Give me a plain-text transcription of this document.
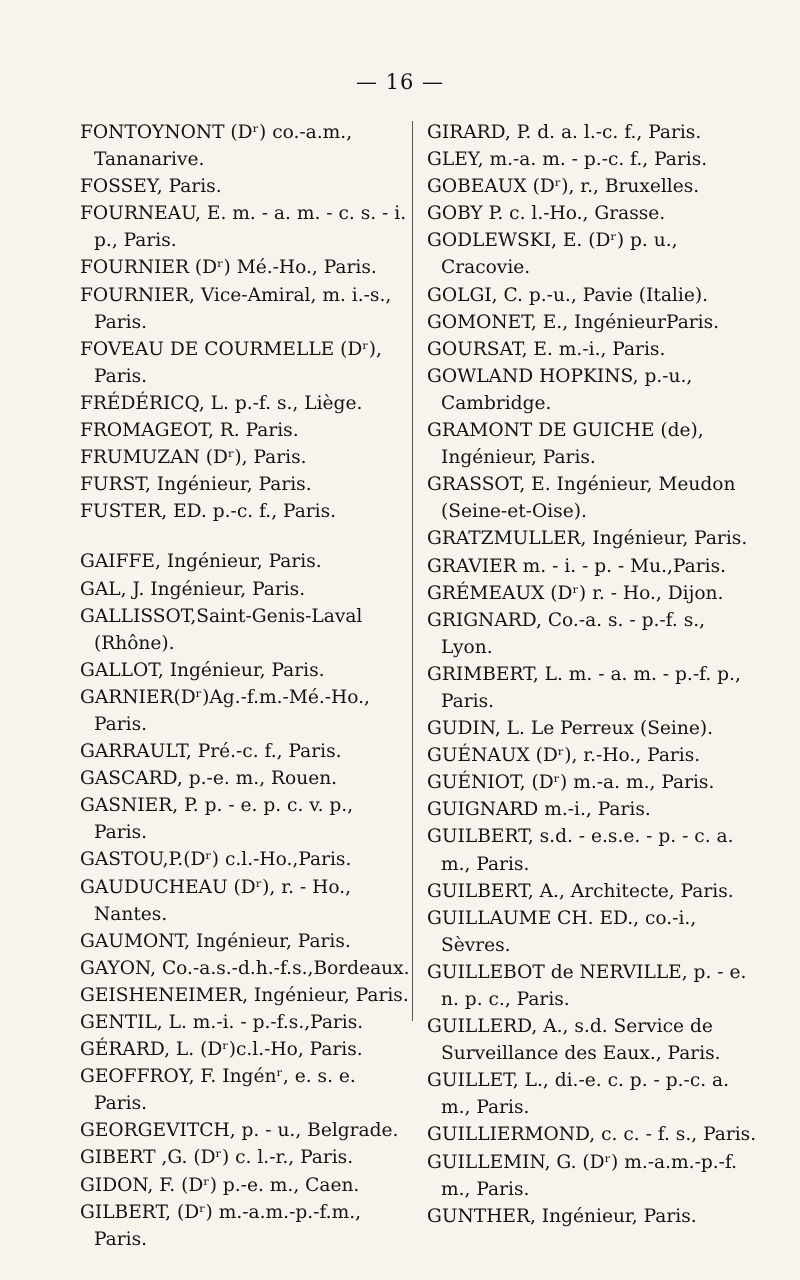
— 16 —

FONTOYNONT (Dʳ) co.-a.m., Tananarive.

FOSSEY, Paris.

FOURNEAU, E. m. - a. m. - c. s. - i. p., Paris.

FOURNIER (Dʳ) Mé.-Ho., Paris.

FOURNIER, Vice-Amiral, m. i.-s., Paris.

FOVEAU DE COURMELLE (Dʳ), Paris.

FRÉDÉRICQ, L. p.-f. s., Liège.

FROMAGEOT, R. Paris.

FRUMUZAN (Dʳ), Paris.

FURST, Ingénieur, Paris.

FUSTER, ED. p.-c. f., Paris.

GAIFFE, Ingénieur, Paris.

GAL, J. Ingénieur, Paris.

GALLISSOT,Saint-Genis-Laval (Rhône).

GALLOT, Ingénieur, Paris.

GARNIER(Dʳ)Ag.-f.m.-Mé.-Ho., Paris.

GARRAULT, Pré.-c. f., Paris.

GASCARD, p.-e. m., Rouen.

GASNIER, P. p. - e. p. c. v. p., Paris.

GASTOU,P.(Dʳ) c.l.-Ho.,Paris.

GAUDUCHEAU (Dʳ), r. - Ho., Nantes.

GAUMONT, Ingénieur, Paris.

GAYON, Co.-a.s.-d.h.-f.s.,Bordeaux.

GEISHENEIMER, Ingénieur, Paris.

GENTIL, L. m.-i. - p.-f.s.,Paris.

GÉRARD, L. (Dʳ)c.l.-Ho, Paris.

GEOFFROY, F. Ingénʳ, e. s. e. Paris.

GEORGEVITCH, p. - u., Belgrade.

GIBERT ,G. (Dʳ) c. l.-r., Paris.

GIDON, F. (Dʳ) p.-e. m., Caen.

GILBERT, (Dʳ) m.-a.m.-p.-f.m., Paris.

GIRARD, P. d. a. l.-c. f., Paris.

GLEY, m.-a. m. - p.-c. f., Paris.

GOBEAUX (Dʳ), r., Bruxelles.

GOBY P. c. l.-Ho., Grasse.

GODLEWSKI, E. (Dʳ) p. u., Cracovie.

GOLGI, C. p.-u., Pavie (Italie).

GOMONET, E., IngénieurParis.

GOURSAT, E. m.-i., Paris.

GOWLAND HOPKINS, p.-u., Cambridge.

GRAMONT DE GUICHE (de), Ingénieur, Paris.

GRASSOT, E. Ingénieur, Meudon (Seine-et-Oise).

GRATZMULLER, Ingénieur, Paris.

GRAVIER m. - i. - p. - Mu.,Paris.

GRÉMEAUX (Dʳ) r. - Ho., Dijon.

GRIGNARD, Co.-a. s. - p.-f. s., Lyon.

GRIMBERT, L. m. - a. m. - p.-f. p., Paris.

GUDIN, L. Le Perreux (Seine).

GUÉNAUX (Dʳ), r.-Ho., Paris.

GUÉNIOT, (Dʳ) m.-a. m., Paris.

GUIGNARD m.-i., Paris.

GUILBERT, s.d. - e.s.e. - p. - c. a. m., Paris.

GUILBERT, A., Architecte, Paris.

GUILLAUME CH. ED., co.-i., Sèvres.

GUILLEBOT de NERVILLE, p. - e. n. p. c., Paris.

GUILLERD, A., s.d. Service de Surveillance des Eaux., Paris.

GUILLET, L., di.-e. c. p. - p.-c. a. m., Paris.

GUILLIERMOND, c. c. - f. s., Paris.

GUILLEMIN, G. (Dʳ) m.-a.m.-p.-f. m., Paris.

GUNTHER, Ingénieur, Paris.
